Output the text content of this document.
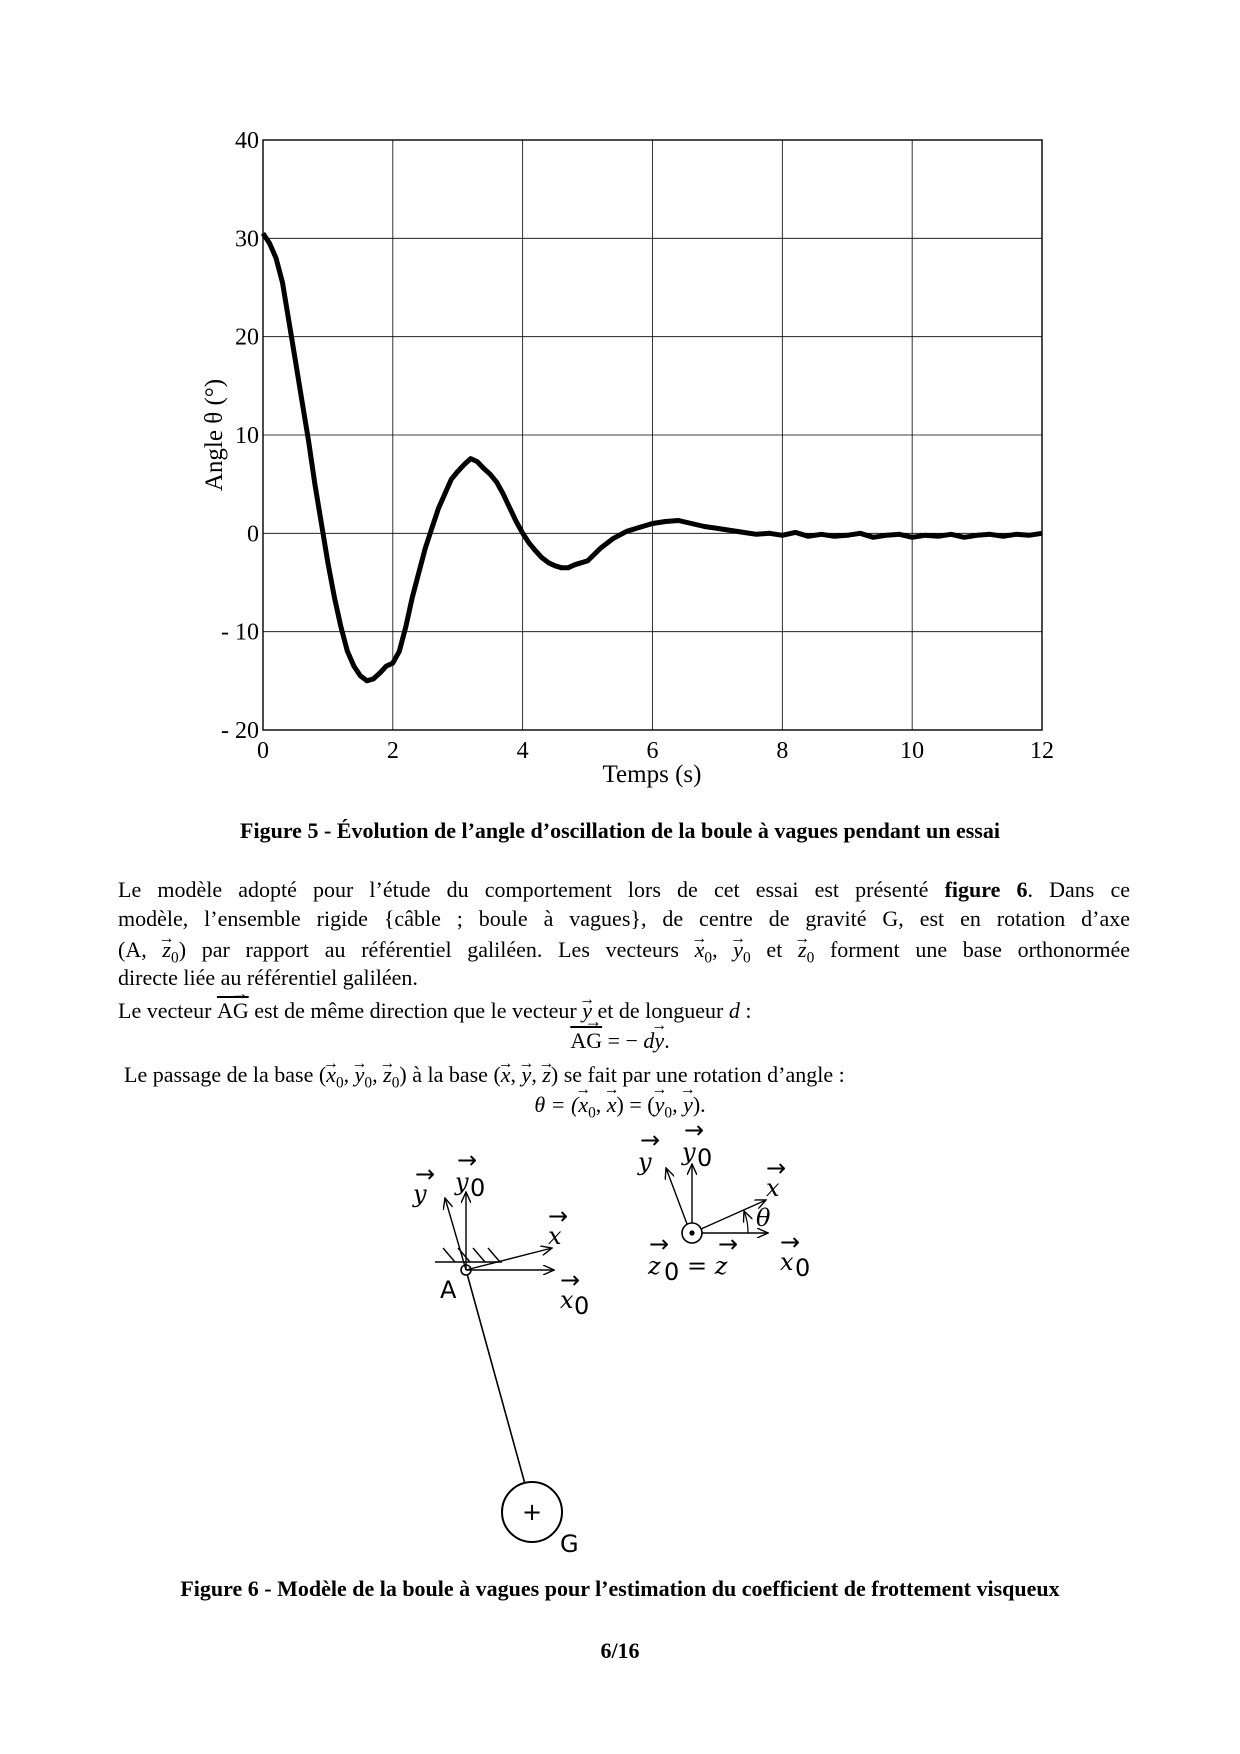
0	2	4	6	8	10	12
40
30
20
10
0
- 10
- 20
Temps (s)
Angle θ (°)
Figure 5 - Évolution de l’angle d’oscillation de la boule à vagues pendant un essai
Le modèle adopté pour l’étude du comportement lors de cet essai est présenté figure 6. Dans ce
modèle, l’ensemble rigide {câble ; boule à vagues}, de centre de gravité G, est en rotation d’axe
(A, → $z_0$) par rapport au référentiel galiléen. Les vecteurs → $x_0$, → $y_0$ et → $z_0$ forment une base orthonormée
directe liée au référentiel galiléen.
Le vecteur → $\overline{AG}$ est de même direction que le vecteur → y et de longueur d :
→ $\overline{AG}$ = − d→ y.
Le passage de la base (→ $x_0$, → $y_0$, → $z_0$) à la base (→ x, → y, → z) se fait par une rotation d’angle :
θ = (→ $x_0$, → x) = (→ $y_0$, → y).
+
G
A
y
→ y
→
0
x
→
x
→
0
θ
y
→ y
→
0
x
→
x
→
0
z
→
0 = z
→
Figure 6 - Modèle de la boule à vagues pour l’estimation du coefficient de frottement visqueux
6/16
